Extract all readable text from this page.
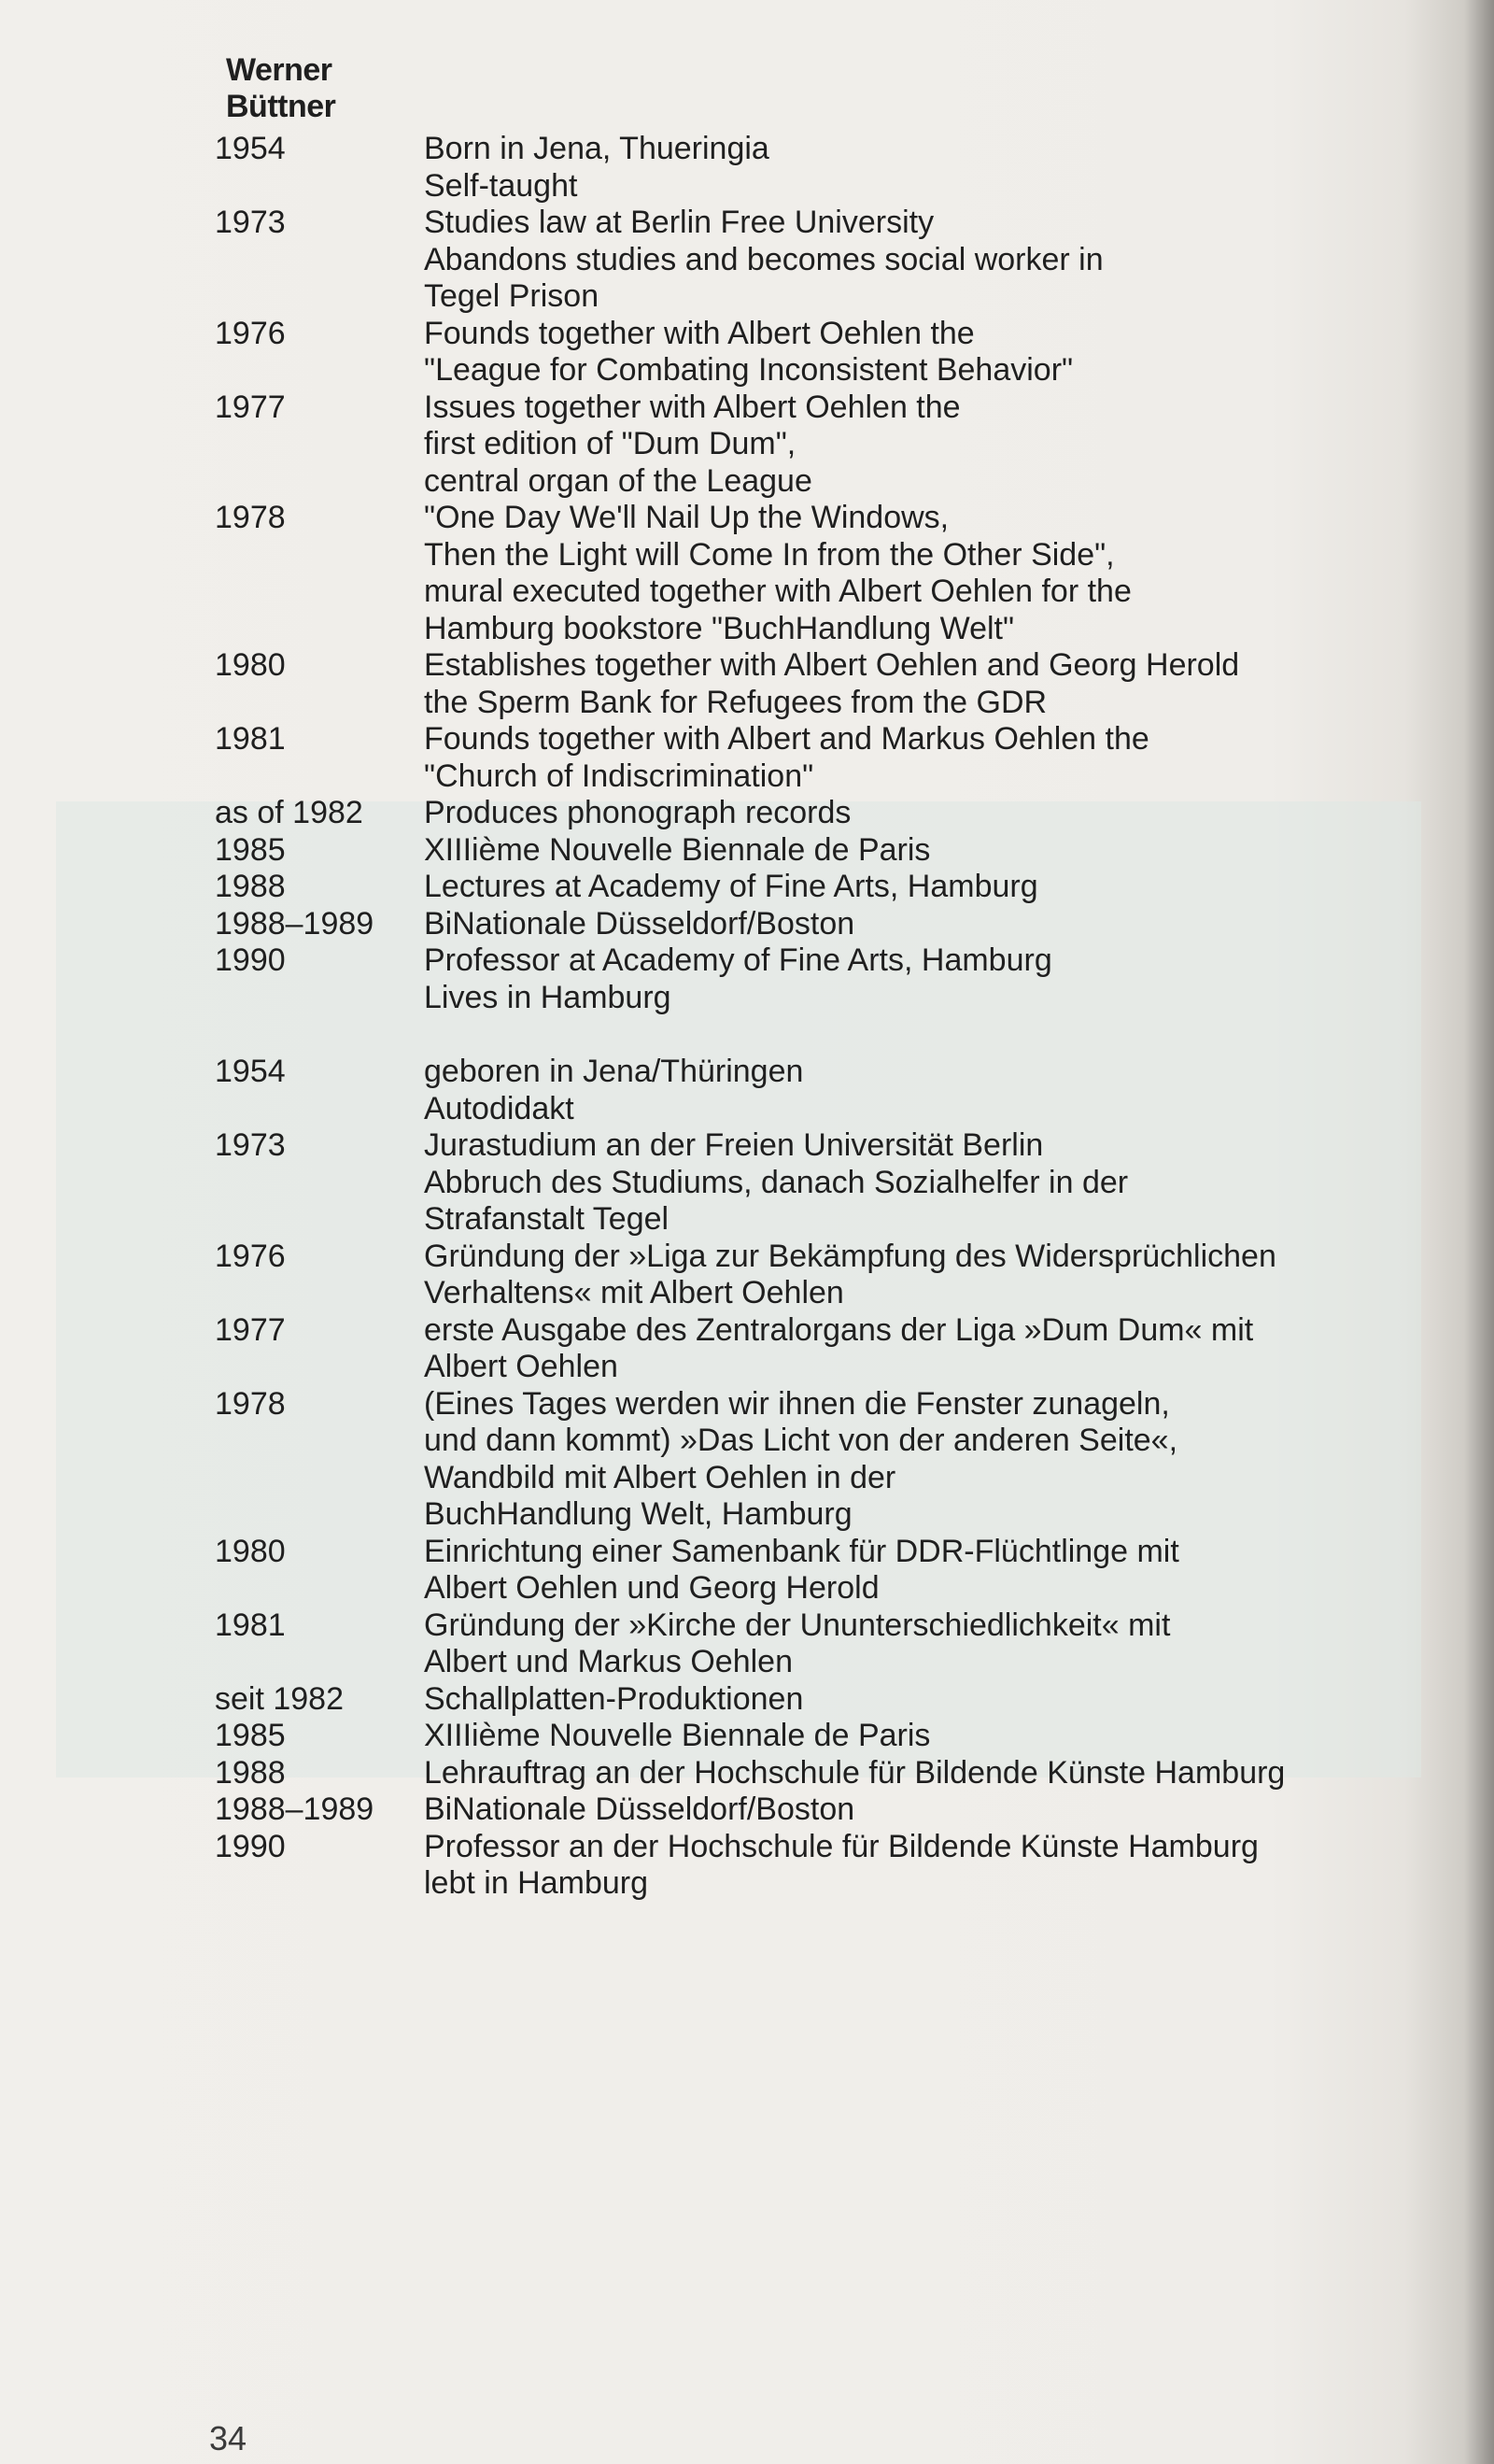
Werner Büttner
1954	Born in Jena, Thueringia
Self-taught
1973	Studies law at Berlin Free University
Abandons studies and becomes social worker in
Tegel Prison
1976	Founds together with Albert Oehlen the
"League for Combating Inconsistent Behavior"
1977	Issues together with Albert Oehlen the
first edition of "Dum Dum",
central organ of the League
1978	"One Day We'll Nail Up the Windows,
Then the Light will Come In from the Other Side",
mural executed together with Albert Oehlen for the
Hamburg bookstore "BuchHandlung Welt"
1980	Establishes together with Albert Oehlen and Georg Herold
the Sperm Bank for Refugees from the GDR
1981	Founds together with Albert and Markus Oehlen the
"Church of Indiscrimination"
as of 1982	Produces phonograph records
1985	XIIIième Nouvelle Biennale de Paris
1988	Lectures at Academy of Fine Arts, Hamburg
1988–1989	BiNationale Düsseldorf/Boston
1990	Professor at Academy of Fine Arts, Hamburg
Lives in Hamburg
1954	geboren in Jena/Thüringen
Autodidakt
1973	Jurastudium an der Freien Universität Berlin
Abbruch des Studiums, danach Sozialhelfer in der
Strafanstalt Tegel
1976	Gründung der »Liga zur Bekämpfung des Widersprüchlichen
Verhaltens« mit Albert Oehlen
1977	erste Ausgabe des Zentralorgans der Liga »Dum Dum« mit
Albert Oehlen
1978	(Eines Tages werden wir ihnen die Fenster zunageln,
und dann kommt) »Das Licht von der anderen Seite«,
Wandbild mit Albert Oehlen in der
BuchHandlung Welt, Hamburg
1980	Einrichtung einer Samenbank für DDR-Flüchtlinge mit
Albert Oehlen und Georg Herold
1981	Gründung der »Kirche der Ununterschiedlichkeit« mit
Albert und Markus Oehlen
seit 1982	Schallplatten-Produktionen
1985	XIIIième Nouvelle Biennale de Paris
1988	Lehrauftrag an der Hochschule für Bildende Künste Hamburg
1988–1989	BiNationale Düsseldorf/Boston
1990	Professor an der Hochschule für Bildende Künste Hamburg
lebt in Hamburg
34
